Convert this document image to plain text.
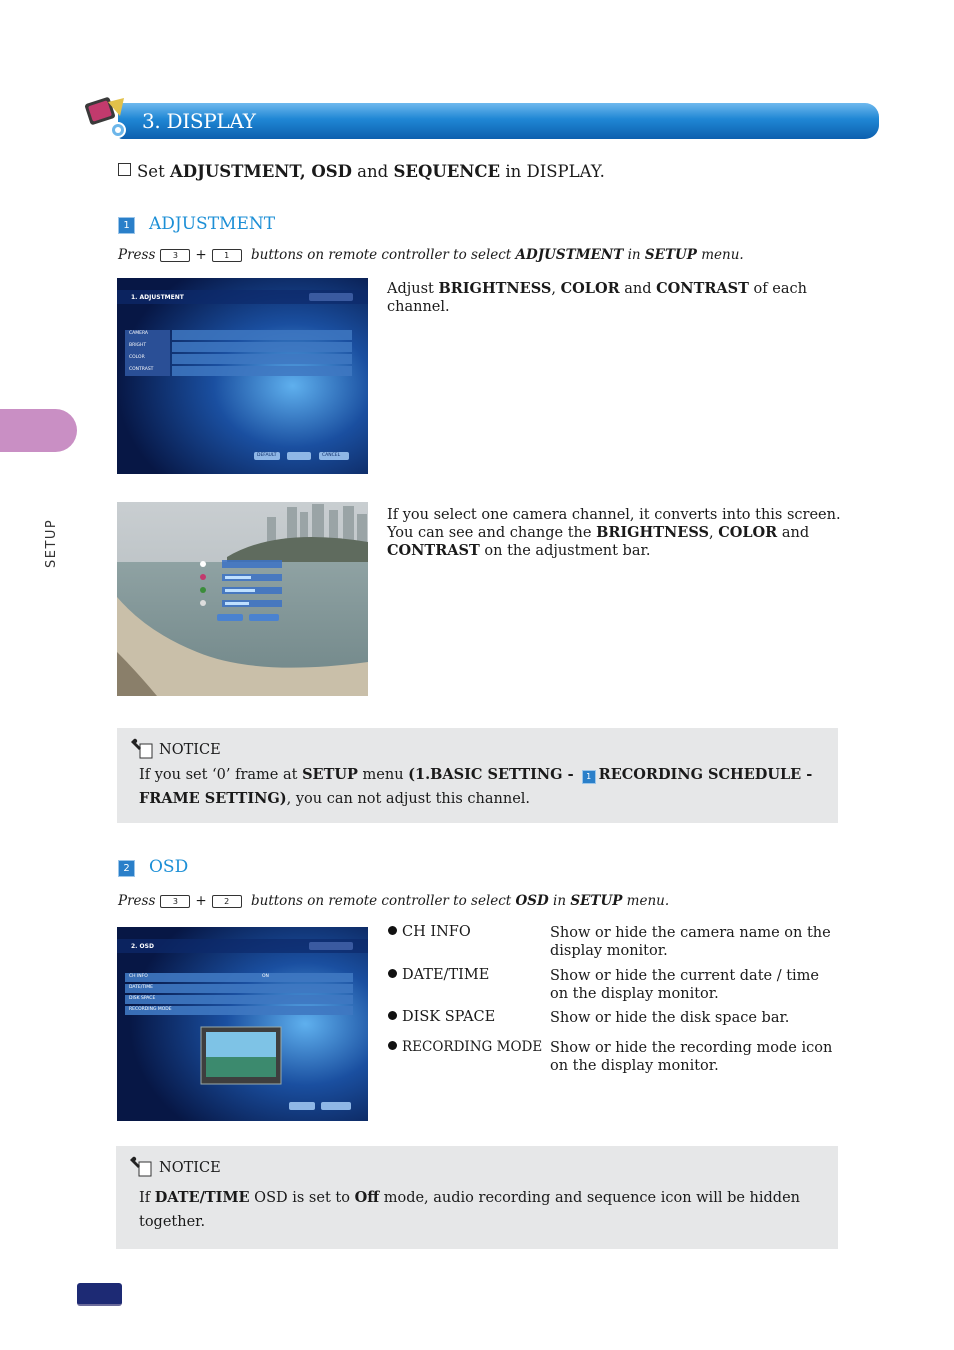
3. DISPLAY
SETUP
Set ADJUSTMENT, OSD and SEQUENCE in DISPLAY.
1 ADJUSTMENT
Press 3 + 1 buttons on remote controller to select ADJUSTMENT in SETUP menu.
1. ADJUSTMENT
CAMERA
BRIGHT
COLOR
CONTRAST
DEFAULT	CANCEL
Adjust BRIGHTNESS, COLOR and CONTRAST of each channel.
If you select one camera channel, it converts into this screen.
You can see and change the BRIGHTNESS, COLOR and
CONTRAST on the adjustment bar.
NOTICE
If you set ‘0’ frame at SETUP menu (1.BASIC SETTING - 1 RECORDING SCHEDULE - FRAME SETTING), you can not adjust this channel.
2 OSD
Press 3 + 2 buttons on remote controller to select OSD in SETUP menu.
2. OSD
CH INFO
DATE/TIME
DISK SPACE
RECORDING MODE
ON
CH INFO	Show or hide the camera name on the display monitor.
DATE/TIME	Show or hide the current date / time on the display monitor.
DISK SPACE	Show or hide the disk space bar.
RECORDING MODE Show or hide the recording mode icon on the display monitor.
NOTICE
If DATE/TIME OSD is set to Off mode, audio recording and sequence icon will be hidden together.
